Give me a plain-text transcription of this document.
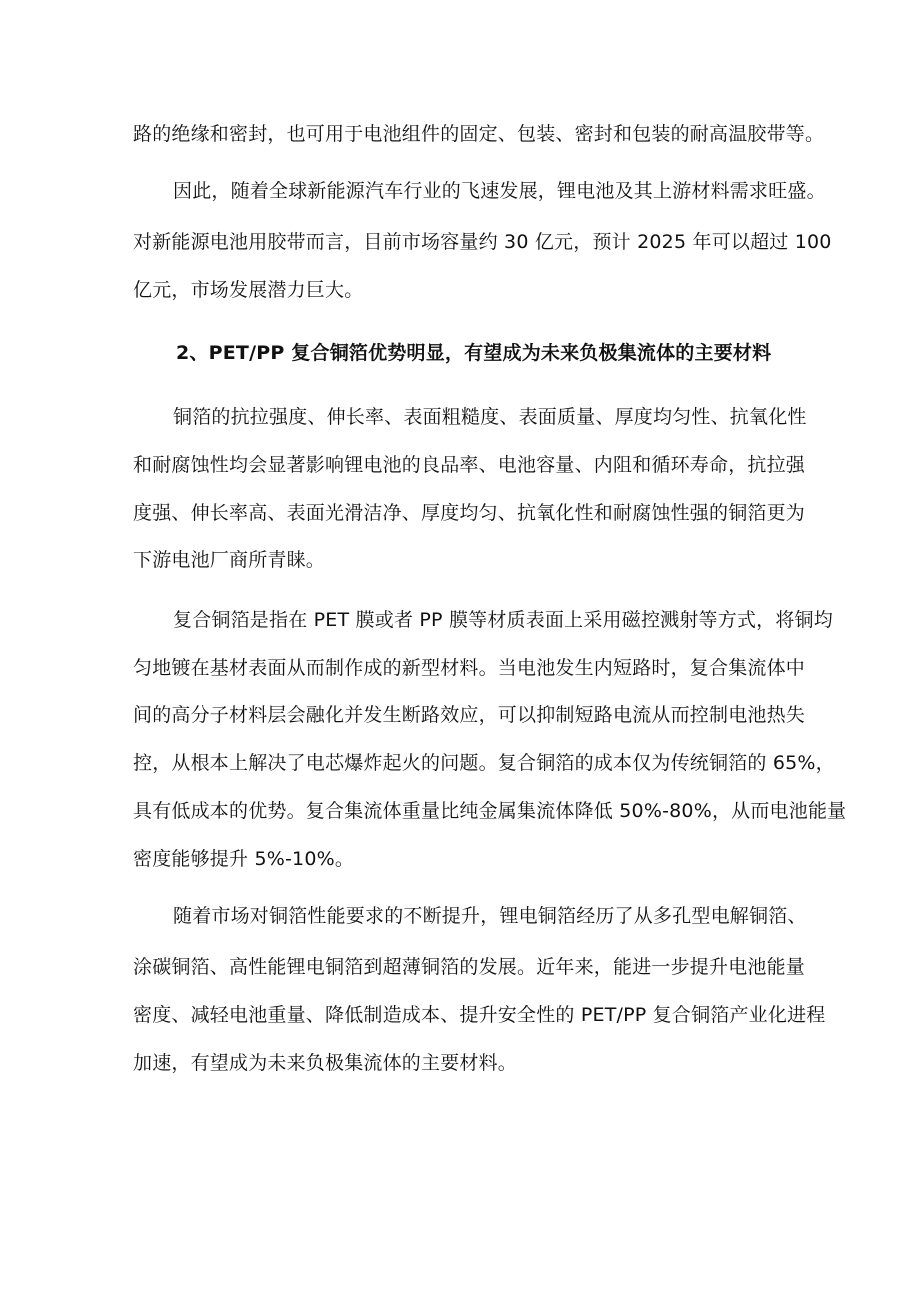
路的绝缘和密封，也可用于电池组件的固定、包装、密封和包装的耐高温胶带等。
因此，随着全球新能源汽车行业的飞速发展，锂电池及其上游材料需求旺盛。
对新能源电池用胶带而言，目前市场容量约 30 亿元，预计 2025 年可以超过 100
亿元，市场发展潜力巨大。
2、PET/PP 复合铜箔优势明显，有望成为未来负极集流体的主要材料
铜箔的抗拉强度、伸长率、表面粗糙度、表面质量、厚度均匀性、抗氧化性
和耐腐蚀性均会显著影响锂电池的良品率、电池容量、内阻和循环寿命，抗拉强
度强、伸长率高、表面光滑洁净、厚度均匀、抗氧化性和耐腐蚀性强的铜箔更为
下游电池厂商所青睐。
复合铜箔是指在 PET 膜或者 PP 膜等材质表面上采用磁控溅射等方式，将铜均
匀地镀在基材表面从而制作成的新型材料。当电池发生内短路时，复合集流体中
间的高分子材料层会融化并发生断路效应，可以抑制短路电流从而控制电池热失
控，从根本上解决了电芯爆炸起火的问题。复合铜箔的成本仅为传统铜箔的 65%，
具有低成本的优势。复合集流体重量比纯金属集流体降低 50%-80%，从而电池能量
密度能够提升 5%-10%。
随着市场对铜箔性能要求的不断提升，锂电铜箔经历了从多孔型电解铜箔、
涂碳铜箔、高性能锂电铜箔到超薄铜箔的发展。近年来，能进一步提升电池能量
密度、减轻电池重量、降低制造成本、提升安全性的 PET/PP 复合铜箔产业化进程
加速，有望成为未来负极集流体的主要材料。
